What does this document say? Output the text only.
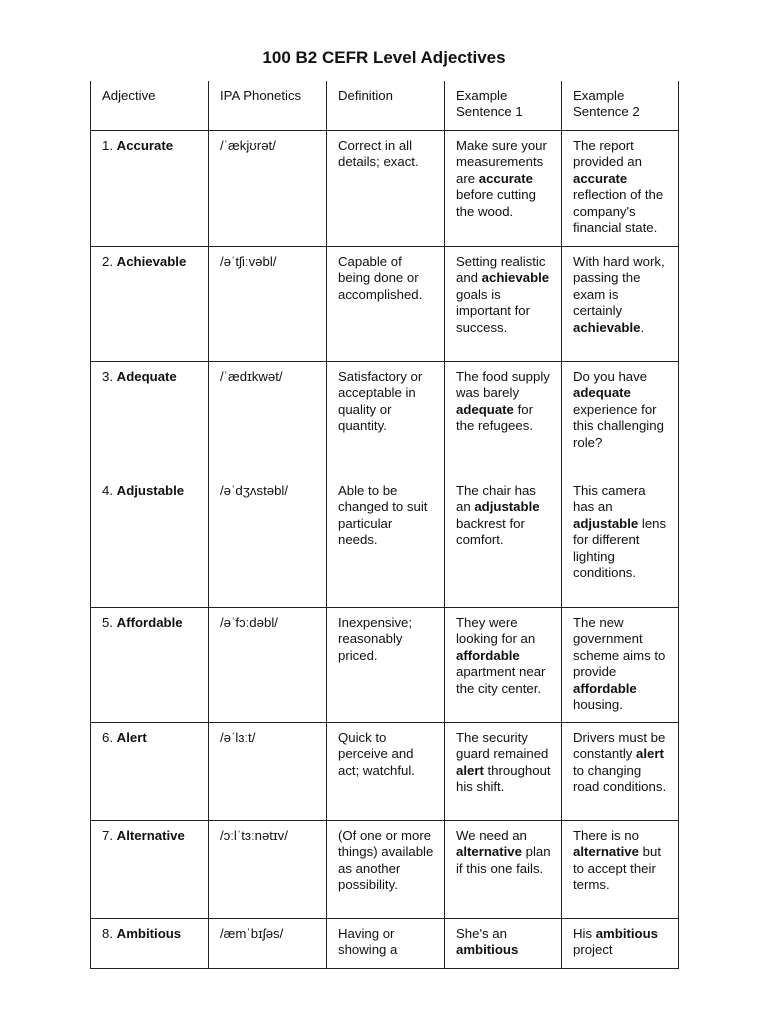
100 B2 CEFR Level Adjectives
Adjective	IPA Phonetics	Definition	Example Sentence 1	Example Sentence 2
1. Accurate	/ˈækjʊrət/	Correct in all details; exact.	Make sure your measurements are accurate before cutting the wood.	The report provided an accurate reflection of the company's financial state.
2. Achievable	/əˈtʃiːvəbl/	Capable of being done or accomplished.	Setting realistic and achievable goals is important for success.	With hard work, passing the exam is certainly achievable.
3. Adequate	/ˈædɪkwət/	Satisfactory or acceptable in quality or quantity.	The food supply was barely adequate for the refugees.	Do you have adequate experience for this challenging role?
4. Adjustable	/əˈdʒʌstəbl/	Able to be changed to suit particular needs.	The chair has an adjustable backrest for comfort.	This camera has an adjustable lens for different lighting conditions.
5. Affordable	/əˈfɔːdəbl/	Inexpensive; reasonably priced.	They were looking for an affordable apartment near the city center.	The new government scheme aims to provide affordable housing.
6. Alert	/əˈlɜːt/	Quick to perceive and act; watchful.	The security guard remained alert throughout his shift.	Drivers must be constantly alert to changing road conditions.
7. Alternative	/ɔːlˈtɜːnətɪv/	(Of one or more things) available as another possibility.	We need an alternative plan if this one fails.	There is no alternative but to accept their terms.
8. Ambitious	/æmˈbɪʃəs/	Having or showing a	She's an ambitious	His ambitious project
